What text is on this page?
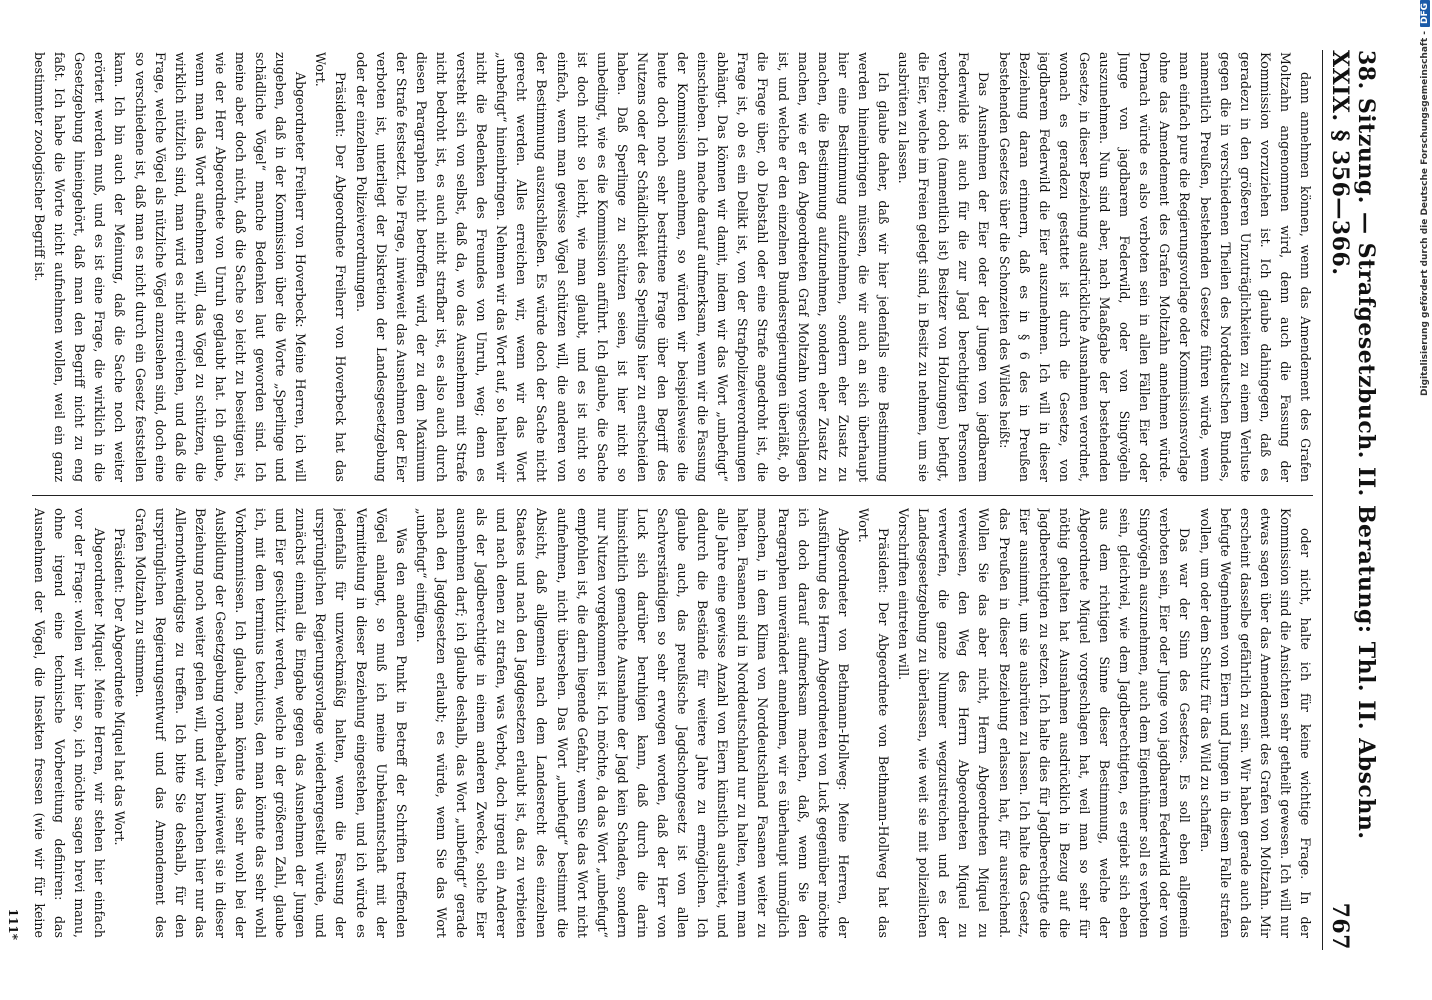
38. Sitzung. — Strafgesetzbuch. II. Beratung: Thl. II. Abschn. XXIX. § 356—366.
767

dann annehmen können, wenn das Amendement des Grafen Moltzahn angenommen wird, denn auch die Fassung der Kommission vorzuziehen ist. Ich glaube dahingegen, daß es geradezu in den größeren Unzuträglichkeiten zu einem Verluste gegen die in verschiedenen Theilen des Norddeutschen Bundes, namentlich Preußen, bestehenden Gesetze führen würde, wenn man einfach pure die Regierungsvorlage oder Kommissionsvorlage ohne das Amendement des Grafen Moltzahn annehmen würde. Dernach würde es also verboten sein in allen Fällen Eier oder Junge von jagdbarem Federwild, oder von Singvögeln auszunehmen. Nun sind aber, nach Maaßgabe der bestehenden Gesetze, in dieser Beziehung ausdrückliche Ausnahmen verordnet, wonach es geradezu gestattet ist durch die Gesetze, von jagdbarem Federwild die Eier auszunehmen. Ich will in dieser Beziehung daran erinnern, daß es in § 6 des in Preußen bestehenden Gesetzes über die Schonzeiten des Wildes heißt:

Das Ausnehmen der Eier oder der Jungen von jagdbarem Federwilde ist auch für die zur Jagd berechtigten Personen verboten; doch (namentlich ist) Besitzer von Holzungen) befugt, die Eier, welche im Freien gelegt sind, in Besitz zu nehmen, um sie ausbrüten zu lassen.

Ich glaube daher, daß wir hier jedenfalls eine Bestimmung werden hineinbringen müssen, die wir auch an sich überhaupt hier eine Bestimmung aufzunehmen, sondern eher Zusatz zu machen, die Bestimmung aufzunehmen, sondern eher Zusatz zu machen, wie er den Abgeordneten Graf Moltzahn vorgeschlagen ist, und welche er den einzelnen Bundesregierungen überläßt, ob die Frage über, ob Diebstahl oder eine Strafe angedroht ist, die Frage ist, ob es ein Delikt ist, von der Strafpolizeiverordnungen abhängt. Das können wir damit, indem wir das Wort „unbefugt“ einschieben. Ich mache darauf aufmerksam, wenn wir die Fassung der Kommission annehmen, so würden wir beispielsweise die heute doch noch sehr bestrittene Frage über den Begriff des Nutzens oder der Schädlichkeit des Sperlings hier zu entscheiden haben. Daß Sperlinge zu schützen seien, ist hier nicht so unbedingt, wie es die Kommission anführt. Ich glaube, die Sache ist doch nicht so leicht, wie man glaubt, und es ist nicht so einfach, wenn man gewisse Vögel schützen will, die anderen von der Bestimmung auszuschließen. Es würde doch der Sache nicht gerecht werden. Alles erreichen wir, wenn wir das Wort „unbefugt“ hineinbringen. Nehmen wir das Wort auf, so halten wir nicht die Bedenken des Freundes von Unruh, weg; denn es versteht sich von selbst, daß da, wo das Ausnehmen mit Strafe nicht bedroht ist, es auch nicht strafbar ist, es also auch durch diesen Paragraphen nicht betroffen wird, der zu dem Maximum der Strafe festsetzt. Die Frage, inwieweit das Ausnehmen der Eier verboten ist, unterliegt der Diskretion der Landesgesetzgebung oder der einzelnen Polizeiverordnungen.

Präsident: Der Abgeordnete Freiherr von Hoverbeck hat das Wort.

Abgeordneter Freiherr von Hoverbeck: Meine Herren, ich will zugeben, daß in der Kommission über die Worte „Sperlinge und schädliche Vögel“ manche Bedenken laut geworden sind. Ich meine aber doch nicht, daß die Sache so leicht zu beseitigen ist, wie der Herr Abgeordnete von Unruh geglaubt hat. Ich glaube, wenn man das Wort aufnehmen will, das Vögel zu schützen, die wirklich nützlich sind, man wird es nicht erreichen, und daß die Frage, welche Vögel als nützliche Vögel anzusehen sind, doch eine so verschiedene ist, daß man es nicht durch ein Gesetz feststellen kann. Ich bin auch der Meinung, daß die Sache noch weiter erörtert werden muß, und es ist eine Frage, die wirklich in die Gesetzgebung hineingehört, daß man den Begriff nicht zu eng faßt. Ich habe die Worte nicht aufnehmen wollen, weil ein ganz bestimmter zoologischer Begriff ist.

oder nicht, halte ich für keine wichtige Frage. In der Kommission sind die Ansichten sehr getheilt gewesen. Ich will nur etwas sagen über das Amendement des Grafen von Moltzahn. Mir erscheint dasselbe gefährlich zu sein. Wir haben gerade auch das befugte Wegnehmen von Eiern und Jungen in diesem Falle strafen wollen, um oder dem Schutz für das Wild zu schaffen.

Das war der Sinn des Gesetzes. Es soll eben allgemein verboten sein, Eier oder Junge von jagdbarem Federwild oder von Singvögeln auszunehmen, auch dem Eigenthümer soll es verboten sein, gleichviel, wie dem Jagdberechtigten, es ergiebt sich eben aus dem richtigen Sinne dieser Bestimmung, welche der Abgeordnete Miquel vorgeschlagen hat, weil man so sehr für nöthig gehalten hat Ausnahmen ausdrücklich in Bezug auf die Jagdberechtigten zu setzen. Ich halte dies für Jagdberechtigte die Eier ausnimmt, um sie ausbrüten zu lassen. Ich halte das Gesetz, das Preußen in dieser Beziehung erlassen hat, für ausreichend. Wollen Sie das aber nicht, Herrn Abgeordneten Miquel zu verweisen, den Weg des Herrn Abgeordneten Miquel zu verwerfen, die ganze Nummer wegzustreichen und es der Landesgesetzgebung zu überlassen, wie weit sie mit polizeilichen Vorschriften eintreten will.

Präsident: Der Abgeordnete von Bethmann-Hollweg hat das Wort.

Abgeordneter von Bethmann-Hollweg: Meine Herren, der Ausführung des Herrn Abgeordneten von Luck gegenüber möchte ich doch darauf aufmerksam machen, daß, wenn Sie den Paragraphen unverändert annehmen, wir es überhaupt unmöglich machen, in dem Klima von Norddeutschland Fasanen weiter zu halten. Fasanen sind in Norddeutschland nur zu halten, wenn man alle Jahre eine gewisse Anzahl von Eiern künstlich ausbrütet, und dadurch die Bestände für weitere Jahre zu ermöglichen. Ich glaube auch, das preußische Jagdschongesetz ist von allen Sachverständigen so sehr erwogen worden, daß der Herr von Luck sich darüber beruhigen kann, daß durch die darin hinsichtlich gemachte Ausnahme der Jagd kein Schaden, sondern nur Nutzen vorgekommen ist. Ich möchte, da das Wort „unbefugt“ empfohlen ist, die darin liegende Gefahr, wenn Sie das Wort nicht aufnehmen, nicht übersehen. Das Wort „unbefugt“ bestimmt die Absicht, daß allgemein nach dem Landesrecht des einzelnen Staates und nach den Jagdgesetzen erlaubt ist, das zu verbieten und nach denen zu strafen, was Verbot, doch irgend ein Anderer als der Jagdberechtigte in einem anderen Zwecke, solche Eier ausnehmen darf; ich glaube deshalb, das Wort „unbefugt“ gerade nach den Jagdgesetzen erlaubt; es würde, wenn Sie das Wort „unbefugt“ einfügen.

Was den anderen Punkt in Betreff der Schriften treffenden Vögel anlangt, so muß ich meine Unbekanntschaft mit der Vermittelung in dieser Beziehung eingestehen, und ich würde es jedenfalls für unzweckmäßig halten, wenn die Fassung der ursprünglichen Regierungsvorlage wiederhergestellt würde, und zunächst einmal die Eingabe gegen das Ausnehmen der Jungen und Eier geschützt werden, welche in der größeren Zahl, glaube ich, mit dem terminus technicus, den man könnte das sehr wohl Vorkommnissen. Ich glaube, man könnte das sehr wohl bei der Ausbildung der Gesetzgebung vorbehalten, inwieweit sie in dieser Beziehung noch weiter gehen will, und wir brauchen hier nur das Allernothwendigste zu treffen. Ich bitte Sie deshalb, für den ursprünglichen Regierungsentwurf und das Amendement des Grafen Moltzahn zu stimmen.

Präsident: Der Abgeordnete Miquel hat das Wort.

Abgeordneter Miquel: Meine Herren, wir stehen hier einfach vor der Frage: wollen wir hier so, ich möchte sagen brevi manu, ohne irgend eine technische Vorbereitung definiren: das Ausnehmen der Vögel, die Insekten fressen (wie wir für keine

111*
Digitalisierung gefördert durch die Deutsche Forschungsgemeinschaft -
DFG
